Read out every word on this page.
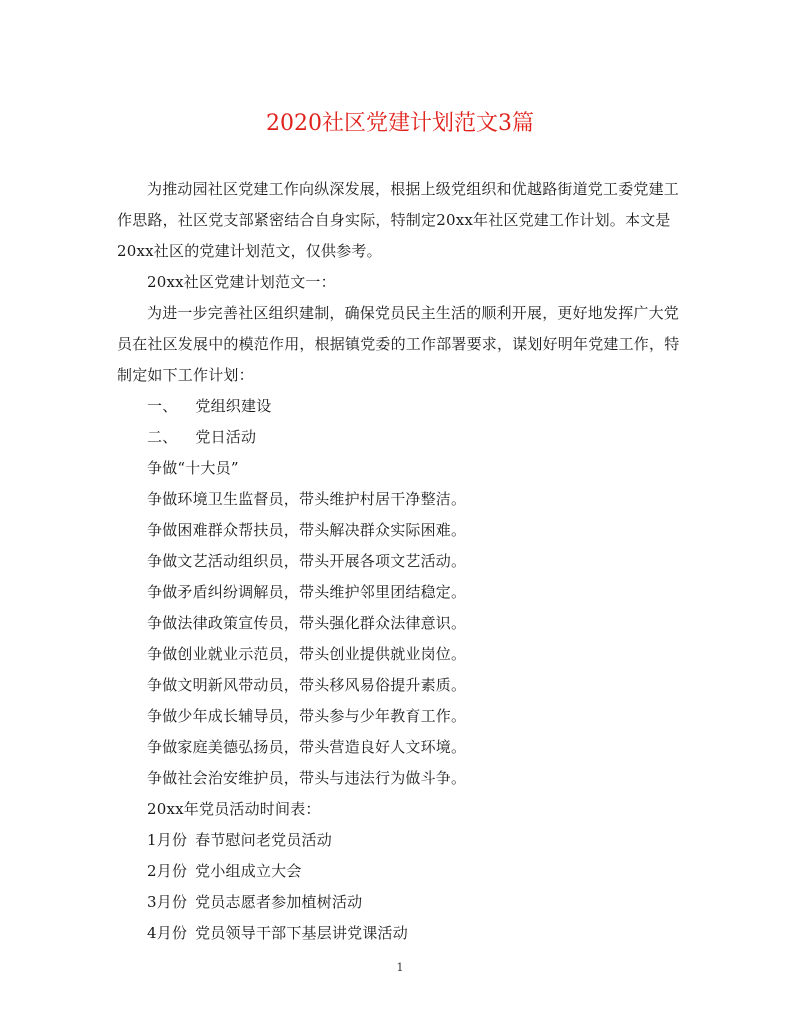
2020社区党建计划范文3篇

为推动园社区党建工作向纵深发展，根据上级党组织和优越路街道党工委党建工作思路，社区党支部紧密结合自身实际，特制定20xx年社区党建工作计划。本文是20xx社区的党建计划范文，仅供参考。

20xx社区党建计划范文一：

为进一步完善社区组织建制，确保党员民主生活的顺利开展，更好地发挥广大党员在社区发展中的模范作用，根据镇党委的工作部署要求，谋划好明年党建工作，特制定如下工作计划：

一、 党组织建设

二、 党日活动

争做“十大员”

争做环境卫生监督员，带头维护村居干净整洁。

争做困难群众帮扶员，带头解决群众实际困难。

争做文艺活动组织员，带头开展各项文艺活动。

争做矛盾纠纷调解员，带头维护邻里团结稳定。

争做法律政策宣传员，带头强化群众法律意识。

争做创业就业示范员，带头创业提供就业岗位。

争做文明新风带动员，带头移风易俗提升素质。

争做少年成长辅导员，带头参与少年教育工作。

争做家庭美德弘扬员，带头营造良好人文环境。

争做社会治安维护员，带头与违法行为做斗争。

20xx年党员活动时间表：

1月份 春节慰问老党员活动

2月份 党小组成立大会

3月份 党员志愿者参加植树活动

4月份 党员领导干部下基层讲党课活动

1
